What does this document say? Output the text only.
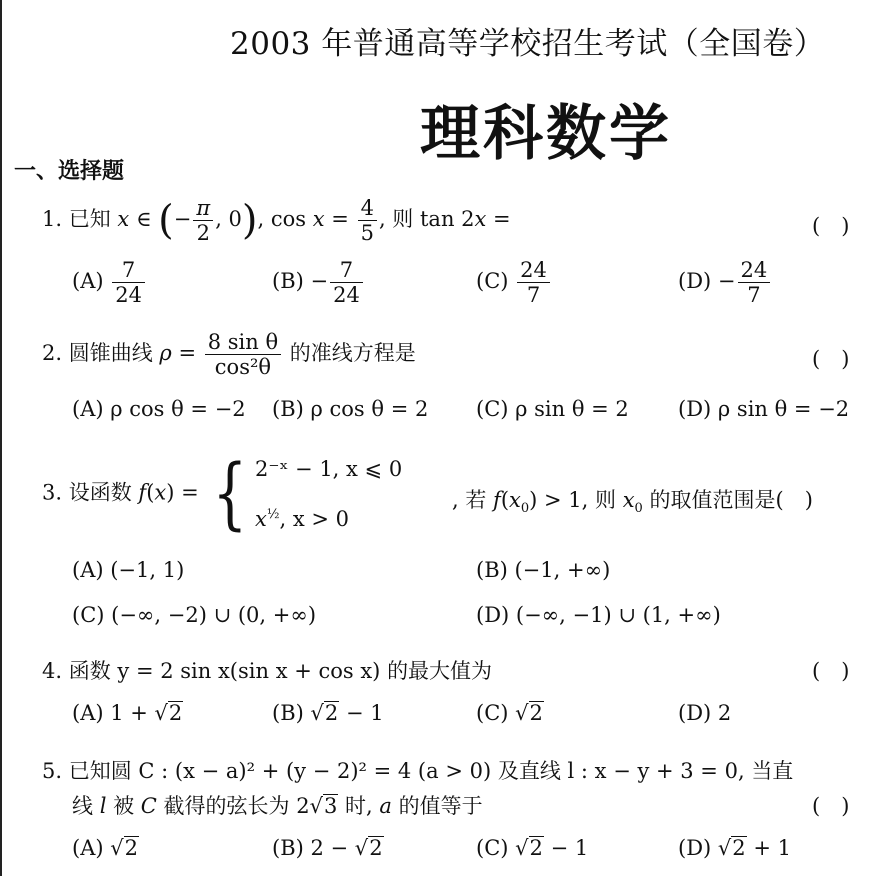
2003 年普通高等学校招生考试（全国卷）
理科数学
一、选择题
1. 已知 x ∈ (− $\frac{\pi}{2}$ , 0), $\cos x = \frac{4}{5}$ , 则 tan 2x =	(　)
$(A) \frac{7}{24}$	$(B) - \frac{7}{24}$	$(C) \frac{24}{7}$	$(D) - \frac{24}{7}$
2. 圆锥曲线 $\rho = \frac{\text{8 sin θ}}{\text{cos²θ}}$ 的准线方程是	(　)
(A) ρ cos θ = −2 (B) ρ cos θ = 2 (C) ρ sin θ = 2 (D) ρ sin θ = −2
3. 设函数 f(x) = { 2⁻ˣ − 1, x ⩽ 0
$x^{\frac{1}{2}}$, x > 0
, 若 $f(x_0) > 1$, 则 $x_0$ 的取值范围是(　)
(A) (−1, 1)	(B) (−1, +∞)
(C) (−∞, −2) ∪ (0, +∞)	(D) (−∞, −1) ∪ (1, +∞)
4. 函数 y = 2 sin x(sin x + cos x) 的最大值为	(　)
(A) 1 + √2	(B) √2 − 1	(C) √2	(D) 2
5. 已知圆 C : (x − a)² + (y − 2)² = 4 (a > 0) 及直线 l : x − y + 3 = 0, 当直
线 l 被 C 截得的弦长为 2√3 时, a 的值等于	(　)
(A) √2	(B) 2 − √2	(C) √2 − 1	(D) √2 + 1
